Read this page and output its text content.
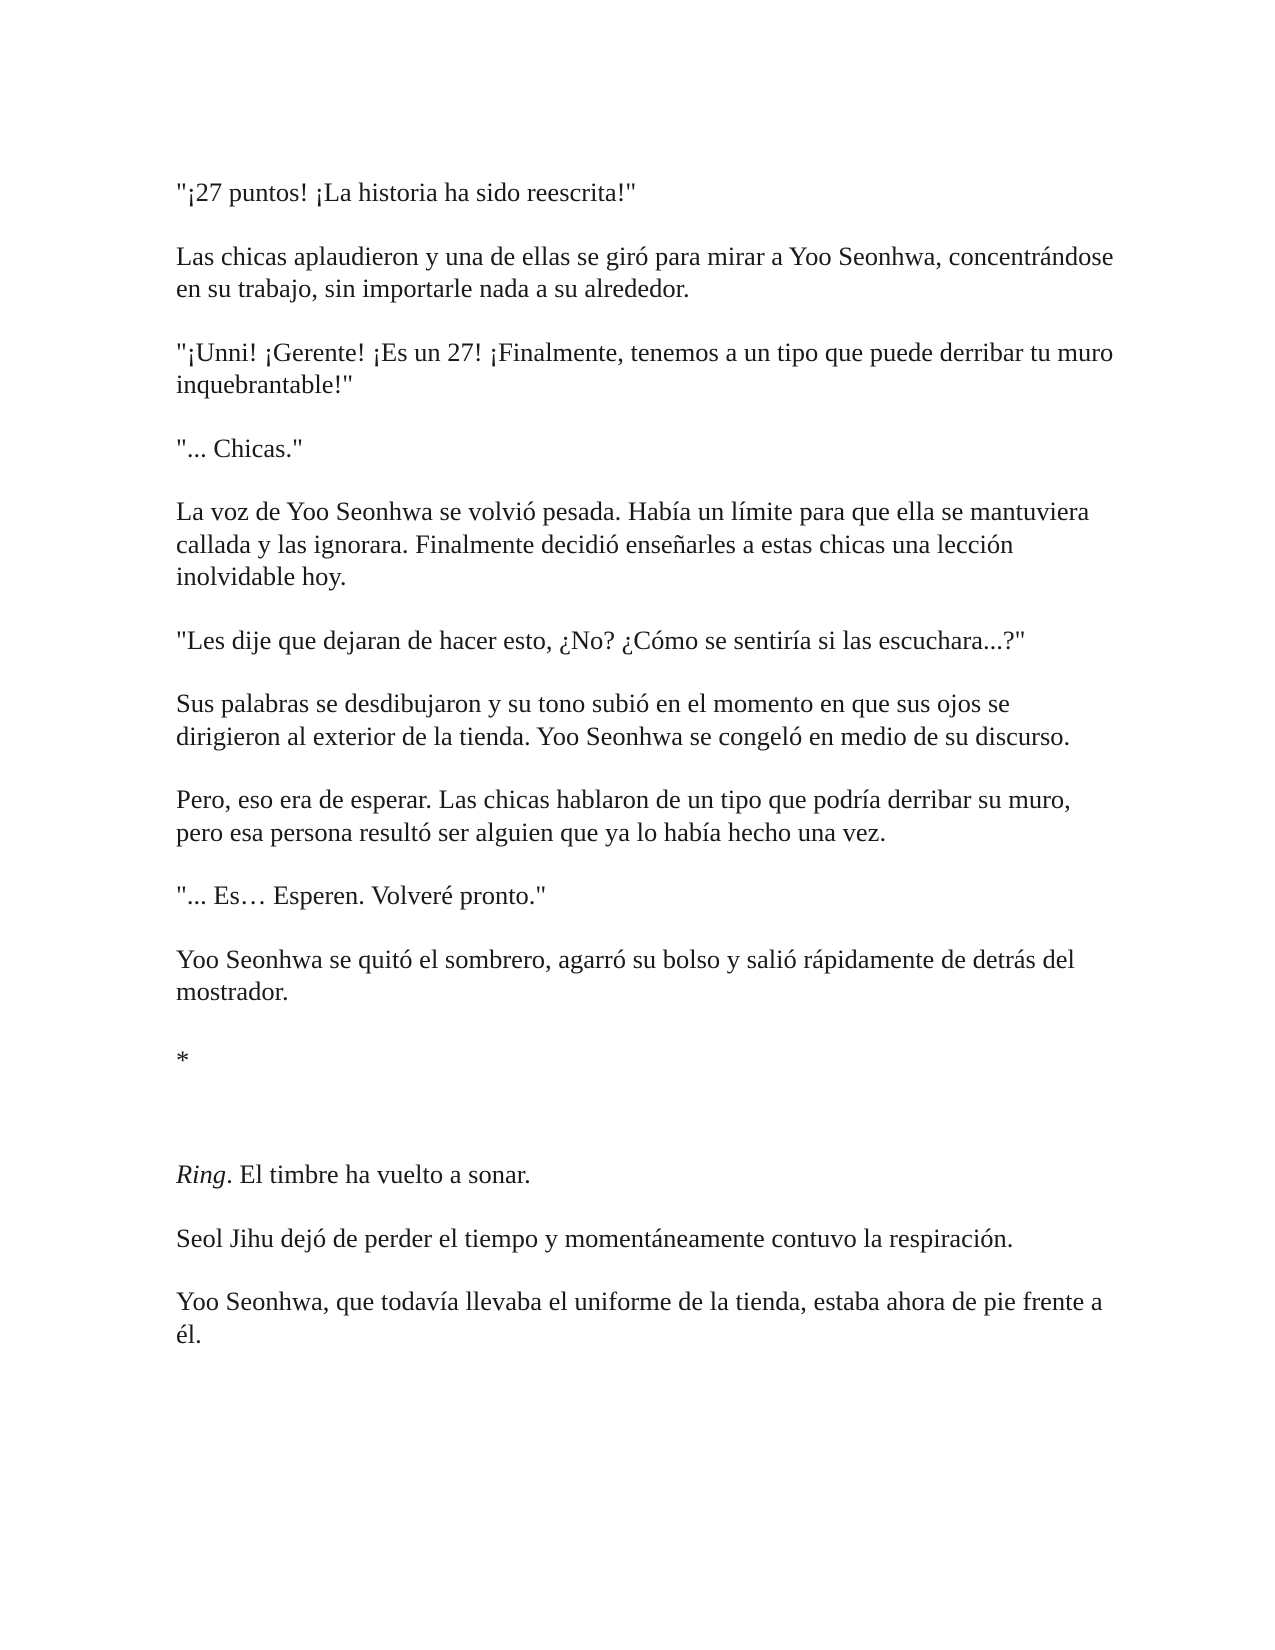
"¡27 puntos! ¡La historia ha sido reescrita!"

Las chicas aplaudieron y una de ellas se giró para mirar a Yoo Seonhwa, concentrándose en su trabajo, sin importarle nada a su alrededor.

"¡Unni! ¡Gerente! ¡Es un 27! ¡Finalmente, tenemos a un tipo que puede derribar tu muro inquebrantable!"

"... Chicas."

La voz de Yoo Seonhwa se volvió pesada. Había un límite para que ella se mantuviera callada y las ignorara. Finalmente decidió enseñarles a estas chicas una lección inolvidable hoy.

"Les dije que dejaran de hacer esto, ¿No? ¿Cómo se sentiría si las escuchara...?"

Sus palabras se desdibujaron y su tono subió en el momento en que sus ojos se dirigieron al exterior de la tienda. Yoo Seonhwa se congeló en medio de su discurso.

Pero, eso era de esperar. Las chicas hablaron de un tipo que podría derribar su muro, pero esa persona resultó ser alguien que ya lo había hecho una vez.

"... Es… Esperen. Volveré pronto."

Yoo Seonhwa se quitó el sombrero, agarró su bolso y salió rápidamente de detrás del mostrador.

*

Ring. El timbre ha vuelto a sonar.

Seol Jihu dejó de perder el tiempo y momentáneamente contuvo la respiración.

Yoo Seonhwa, que todavía llevaba el uniforme de la tienda, estaba ahora de pie frente a él.
